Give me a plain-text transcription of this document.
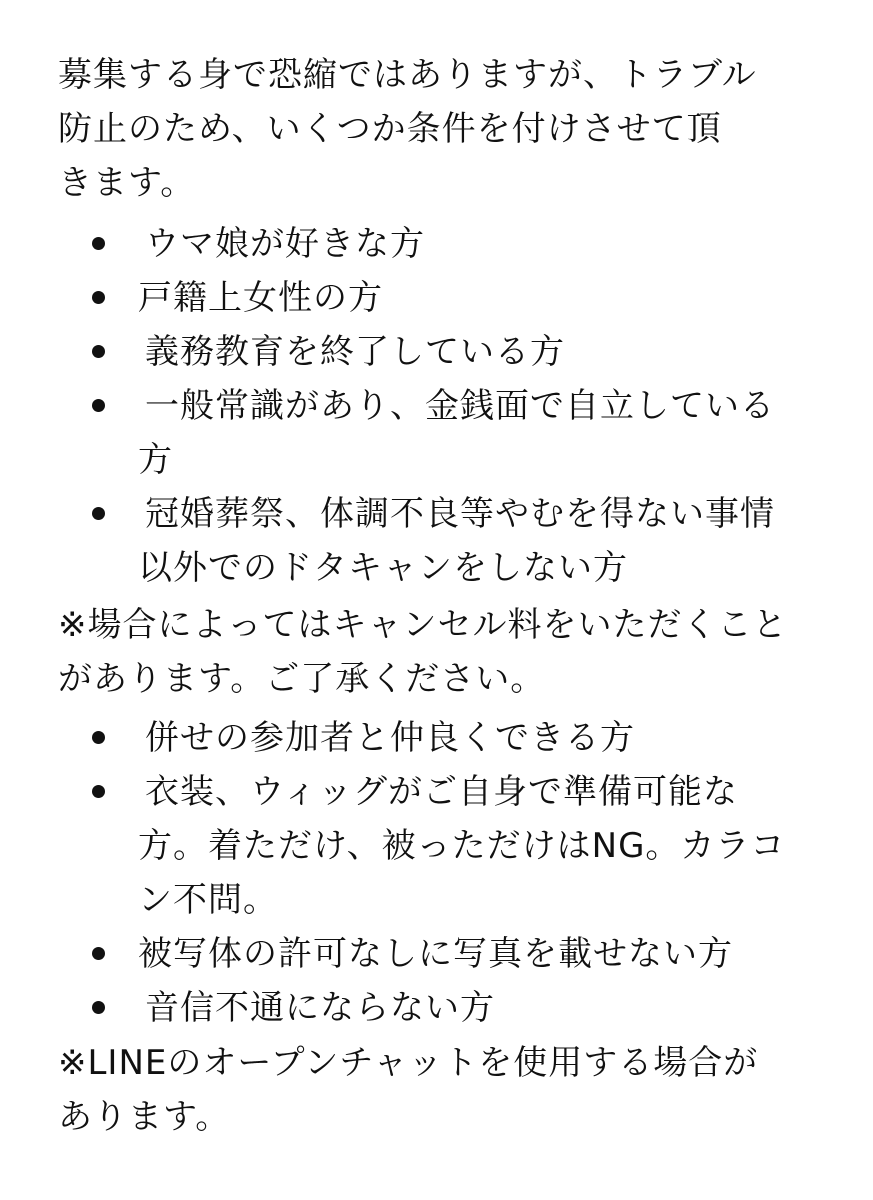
募集する身で恐縮ではありますが、トラブル
防止のため、いくつか条件を付けさせて頂
きます。
ウマ娘が好きな方
戸籍上女性の方
義務教育を終了している方
一般常識があり、金銭面で自立している
方
冠婚葬祭、体調不良等やむを得ない事情
以外でのドタキャンをしない方
※場合によってはキャンセル料をいただくこと
があります。ご了承ください。
併せの参加者と仲良くできる方
衣装、ウィッグがご自身で準備可能な
方。着ただけ、被っただけはNG。カラコ
ン不問。
被写体の許可なしに写真を載せない方
音信不通にならない方
※LINEのオープンチャットを使用する場合が
あります。
